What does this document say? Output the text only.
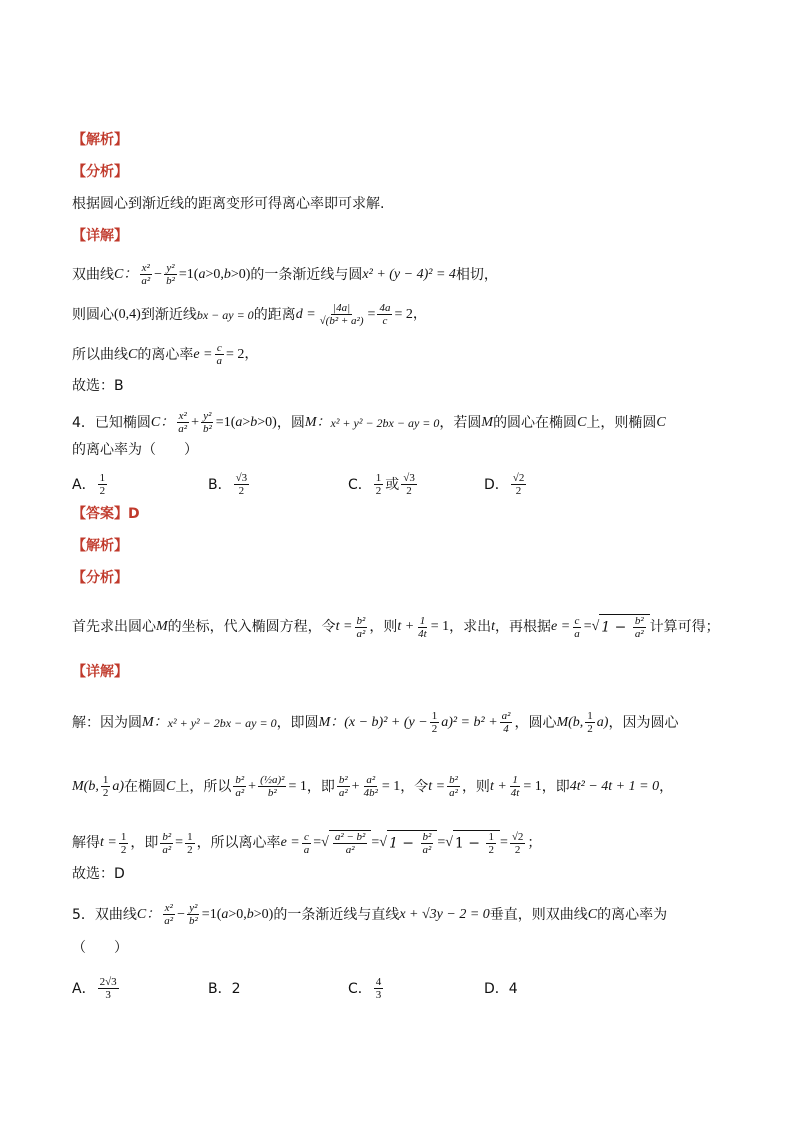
【解析】
【分析】
根据圆心到渐近线的距离变形可得离心率即可求解.
【详解】
双曲线 C： $\frac{\text{x²}}{\text{a²}} - \frac{\text{y²}}{\text{b²}} =1(a>0,b>0)$ 的一条渐近线与圆 x² + (y − 4)² = 4 相切，
则圆心 (0,4) 到渐近线 bx − ay = 0 的距离 $d = \frac{|4a|}{\text{√(b² + a²)}} = \frac{4a}{c} = 2$，
所以曲线 C 的离心率 $e = \frac{c}{a} = 2$，
故选：B
4．已知椭圆 C： $\frac{\text{x²}}{\text{a²}} + \frac{\text{y²}}{\text{b²}} =1(a>b>0)$ ，圆 M： x² + y² − 2bx − ay = 0 ，若圆 M 的圆心在椭圆 C 上，则椭圆 C
的离心率为（　　）
A． $\frac{1}{2}$	B． $\frac{√3}{2}$	C． $\frac{1}{2}$ 或 $\frac{√3}{2}$	D． $\frac{√2}{2}$
【答案】D
【解析】
【分析】
首先求出圆心 M 的坐标，代入椭圆方程，令 $t = \frac{\text{b²}}{\text{a²}}$ ，则 $t + \frac{1}{4t} = 1$ ，求出 t ，再根据 $e = \frac{c}{a}$ = √ $1 - \frac{\text{b²}}{\text{a²}}$ 计算可得；
【详解】
解：因为圆 M： x² + y² − 2bx − ay = 0 ，即圆 M： $(x - b)^2 + (y - \frac{1}{2} a)^2 = b^2 + \frac{\text{a²}}{4}$ ，圆心 M(b, $\frac{1}{2} a$) ，因为圆心
M(b, $\frac{1}{2} a$) 在椭圆 C 上，所以 $\frac{\text{b²}}{\text{a²}} + \frac{\text{(½a)²}}{\text{b²}} = 1$ ，即 $\frac{\text{b²}}{\text{a²}} + \frac{\text{a²}}{\text{4b²}} = 1$ ，令 $t = \frac{\text{b²}}{\text{a²}}$ ，则 $t + \frac{1}{4t} = 1$ ，即 4t² − 4t + 1 = 0 ，
解得 $t = \frac{1}{2}$ ，即 $\frac{\text{b²}}{\text{a²}} = \frac{1}{2}$ ，所以离心率 $e = \frac{c}{a}$ = √ $\frac{\text{a² − b²}}{\text{a²}}$ = √ $1 - \frac{\text{b²}}{\text{a²}}$ = √ $1 - \frac{1}{2} = \frac{√2}{2}$ ；
故选：D
5．双曲线 C： $\frac{\text{x²}}{\text{a²}} - \frac{\text{y²}}{\text{b²}} =1(a>0,b>0)$ 的一条渐近线与直线 x + √3y − 2 = 0 垂直，则双曲线 C 的离心率为
（　　）
A． $\frac{2√3}{3}$	B．2	C． $\frac{4}{3}$	D．4
